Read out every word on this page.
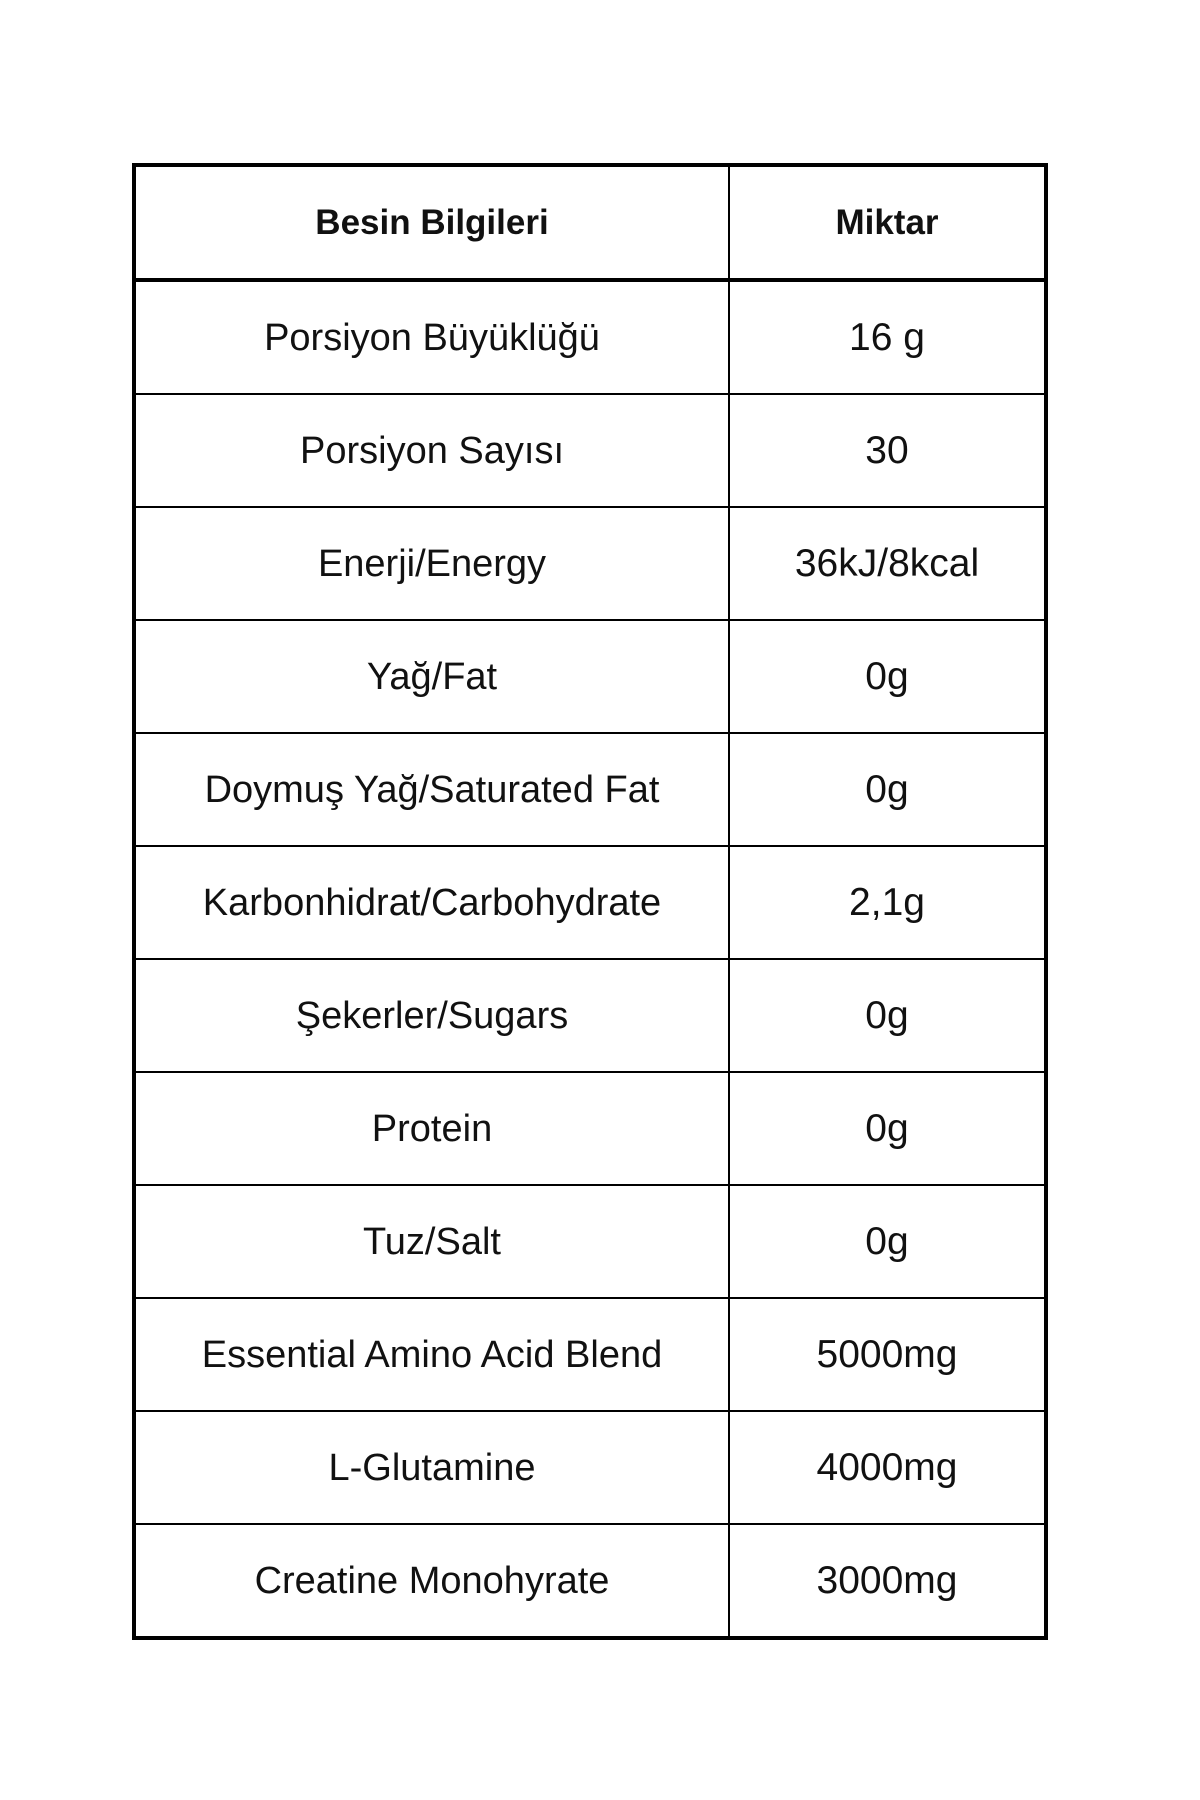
Besin Bilgileri	Miktar
Porsiyon Büyüklüğü	16 g
Porsiyon Sayısı	30
Enerji/Energy	36kJ/8kcal
Yağ/Fat	0g
Doymuş Yağ/Saturated Fat	0g
Karbonhidrat/Carbohydrate	2,1g
Şekerler/Sugars	0g
Protein	0g
Tuz/Salt	0g
Essential Amino Acid Blend	5000mg
L-Glutamine	4000mg
Creatine Monohyrate	3000mg
